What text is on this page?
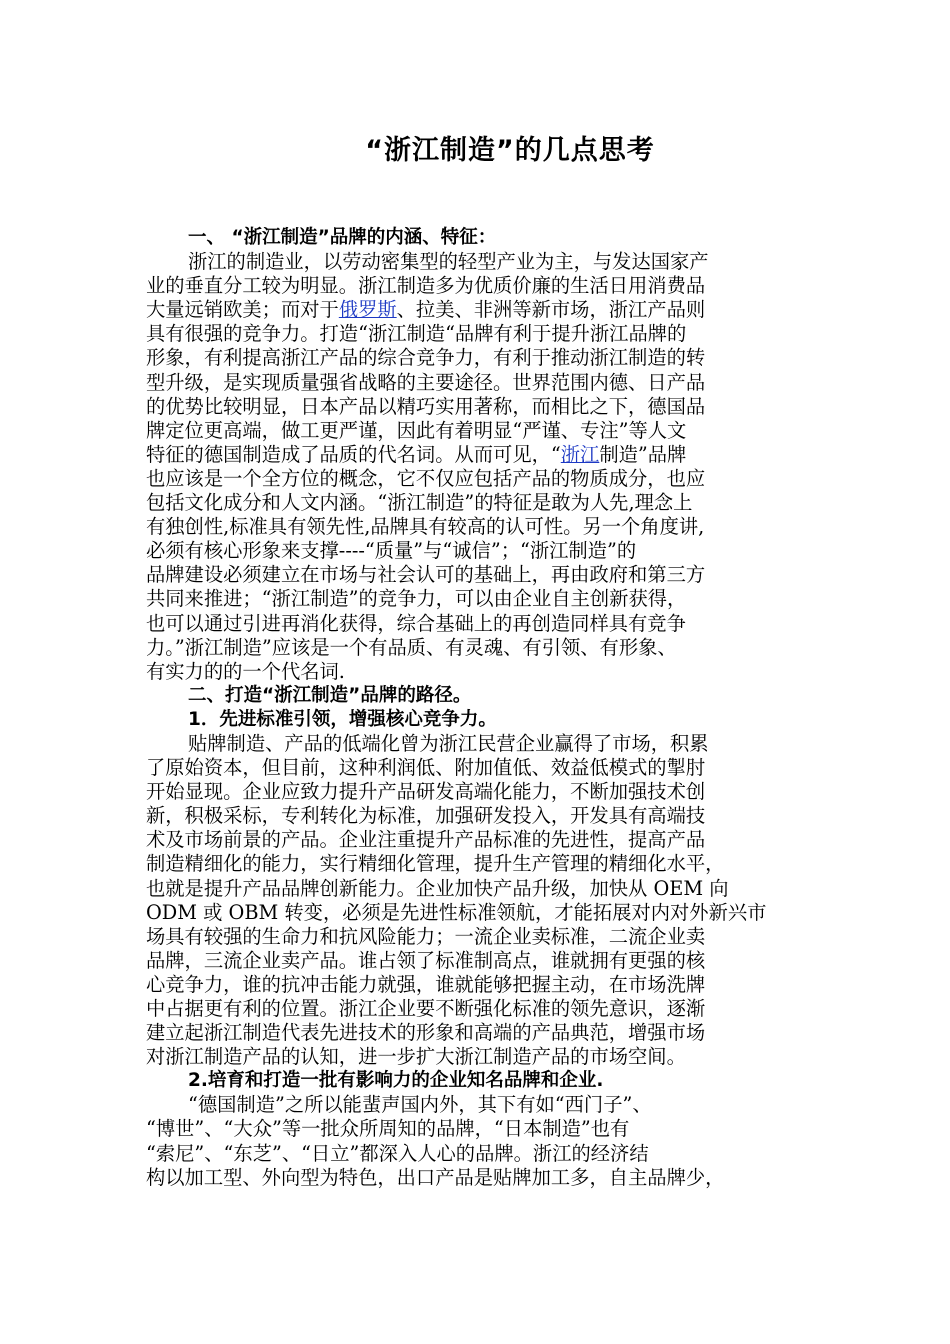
“浙江制造”的几点思考
一、 “浙江制造”品牌的内涵、特征：
浙江的制造业，以劳动密集型的轻型产业为主，与发达国家产
业的垂直分工较为明显。浙江制造多为优质价廉的生活日用消费品
大量远销欧美；而对于俄罗斯、拉美、非洲等新市场，浙江产品则
具有很强的竞争力。打造“浙江制造“品牌有利于提升浙江品牌的
形象，有利提高浙江产品的综合竞争力，有利于推动浙江制造的转
型升级，是实现质量强省战略的主要途径。世界范围内德、日产品
的优势比较明显，日本产品以精巧实用著称，而相比之下，德国品
牌定位更高端，做工更严谨，因此有着明显“严谨、专注”等人文
特征的德国制造成了品质的代名词。从而可见，“浙江制造”品牌
也应该是一个全方位的概念，它不仅应包括产品的物质成分，也应
包括文化成分和人文内涵。“浙江制造”的特征是敢为人先,理念上
有独创性,标准具有领先性,品牌具有较高的认可性。另一个角度讲,
必须有核心形象来支撑----“质量”与“诚信”；“浙江制造”的
品牌建设必须建立在市场与社会认可的基础上，再由政府和第三方
共同来推进；“浙江制造”的竞争力，可以由企业自主创新获得，
也可以通过引进再消化获得，综合基础上的再创造同样具有竞争
力。”浙江制造”应该是一个有品质、有灵魂、有引领、有形象、
有实力的的一个代名词.
二、打造“浙江制造”品牌的路径。
1．先进标准引领，增强核心竞争力。
贴牌制造、产品的低端化曾为浙江民营企业赢得了市场，积累
了原始资本，但目前，这种利润低、附加值低、效益低模式的掣肘
开始显现。企业应致力提升产品研发高端化能力，不断加强技术创
新，积极采标，专利转化为标准，加强研发投入，开发具有高端技
术及市场前景的产品。企业注重提升产品标准的先进性，提高产品
制造精细化的能力，实行精细化管理，提升生产管理的精细化水平，
也就是提升产品品牌创新能力。企业加快产品升级，加快从 OEM 向
ODM 或 OBM 转变，必须是先进性标准领航，才能拓展对内对外新兴市
场具有较强的生命力和抗风险能力；一流企业卖标准，二流企业卖
品牌，三流企业卖产品。谁占领了标准制高点，谁就拥有更强的核
心竞争力，谁的抗冲击能力就强，谁就能够把握主动，在市场洗牌
中占据更有利的位置。浙江企业要不断强化标准的领先意识，逐渐
建立起浙江制造代表先进技术的形象和高端的产品典范，增强市场
对浙江制造产品的认知，进一步扩大浙江制造产品的市场空间。
2.培育和打造一批有影响力的企业知名品牌和企业.
“德国制造”之所以能蜚声国内外，其下有如“西门子”、
“博世”、“大众”等一批众所周知的品牌，“日本制造”也有
“索尼”、“东芝”、“日立”都深入人心的品牌。浙江的经济结
构以加工型、外向型为特色，出口产品是贴牌加工多，自主品牌少，
